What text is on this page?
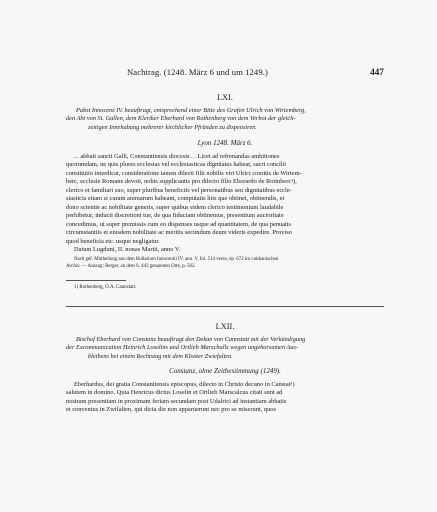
Nachtrag. (1248. März 6 und um 1249.)	447
LXI.
Pabst Innocenz IV. beauftragt, entsprechend einer Bitte des Grafen Ulrich von Wirtemberg,
den Abt von St. Gallen, dem Kleriker Eberhard von Rothenberg von dem Verbot der gleich-
zeitigen Innehabung mehrerer kirchlicher Pfründen zu dispensiren.
Lyon 1248. März 6.
... abbati sancti Galli, Constantiensis diocesis . . Licet ad refrenandas ambitiones
quorumdam, ne quis plures ecclesias vel ecclesiasticas dignitates habeat, sacri concilii
constitutio interdicat, consideratione tamen dilecti filii nobilis viri Ulrici comitis de Wirtem-
berc, ecclesie Romane devoti, nobis supplicantis pro dilecto filio Eborardo de Rotinberc¹),
clerico et familiari suo, super pluribus beneficiis vel personatibus seu dignitatibus eccle-
siasticis etiam si curam animarum habeant, computatis hiis que obtinet, obtinendis, et
dono scientie ac nobilitate generis, super quibus eidem clerico testimonium laudabile
perhibetur, inducti discretioni tue, de qua fiduciam obtinemus, presentium auctoritate
concedimus, ut super premissis cum eo dispenses usque ad quantitatem, de qua penuatis
circumstantiis et eiusdem nobilitate ac meritis secundum deum videris expedire. Proviso
quod beneficia etc. usque negligatur.
Datum Lugduni, II. nonas Martii, anno V.
Nach gef. Mittheilung aus dem Bullarium Innocentii IV. ann. V, fol. 514 verso, ep. 672 im vatikanischen
Archiv. — Auszug: Berger, an dem S. 442 genannten Orte, p. 562.
1) Rothenberg, O.A. Cannstatt.
LXII.
Bischof Eberhard von Constanz beauftragt den Dekan von Cannstatt mit der Verkündigung
der Excommunication Heinrich Loselins und Ortlieb Marschalls wegen ungehorsamen Aus-
bleibens bei einem Rechtstag mit dem Kloster Zwiefalten.
Constanz, ohne Zeitbestimmung (1249).
Eberhardus, dei gratia Constantiensis episcopus, dilecto in Christo decano in Canstat¹)
salutem in domino. Quia Henricus dictus Loselin et Ortlieb Marscalcus citati sunt ad
nostram presentiam in proximam feriam secundam post Udalrici ad instantiam abbatis
et conventus in Zwifalten, qui dicta die non apparuerunt nec pro se miserunt, quos
